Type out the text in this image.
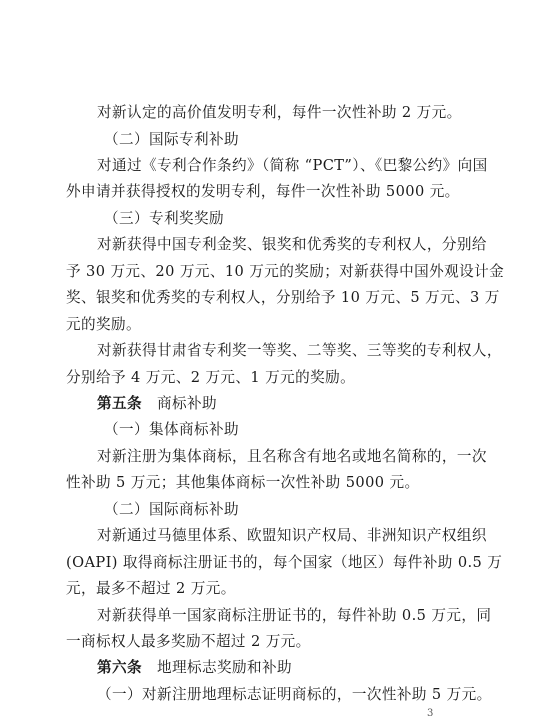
对新认定的高价值发明专利，每件一次性补助 2 万元。
（二）国际专利补助
对通过《专利合作条约》（简称 “PCT”）、《巴黎公约》向国
外申请并获得授权的发明专利，每件一次性补助 5000 元。
（三）专利奖奖励
对新获得中国专利金奖、银奖和优秀奖的专利权人，分别给
予 30 万元、20 万元、10 万元的奖励；对新获得中国外观设计金
奖、银奖和优秀奖的专利权人，分别给予 10 万元、5 万元、3 万
元的奖励。
对新获得甘肃省专利奖一等奖、二等奖、三等奖的专利权人，
分别给予 4 万元、2 万元、1 万元的奖励。
第五条 商标补助
（一）集体商标补助
对新注册为集体商标，且名称含有地名或地名简称的，一次
性补助 5 万元；其他集体商标一次性补助 5000 元。
（二）国际商标补助
对新通过马德里体系、欧盟知识产权局、非洲知识产权组织
(OAPI) 取得商标注册证书的，每个国家（地区）每件补助 0.5 万
元，最多不超过 2 万元。
对新获得单一国家商标注册证书的，每件补助 0.5 万元，同
一商标权人最多奖励不超过 2 万元。
第六条 地理标志奖励和补助
（一）对新注册地理标志证明商标的，一次性补助 5 万元。
3
